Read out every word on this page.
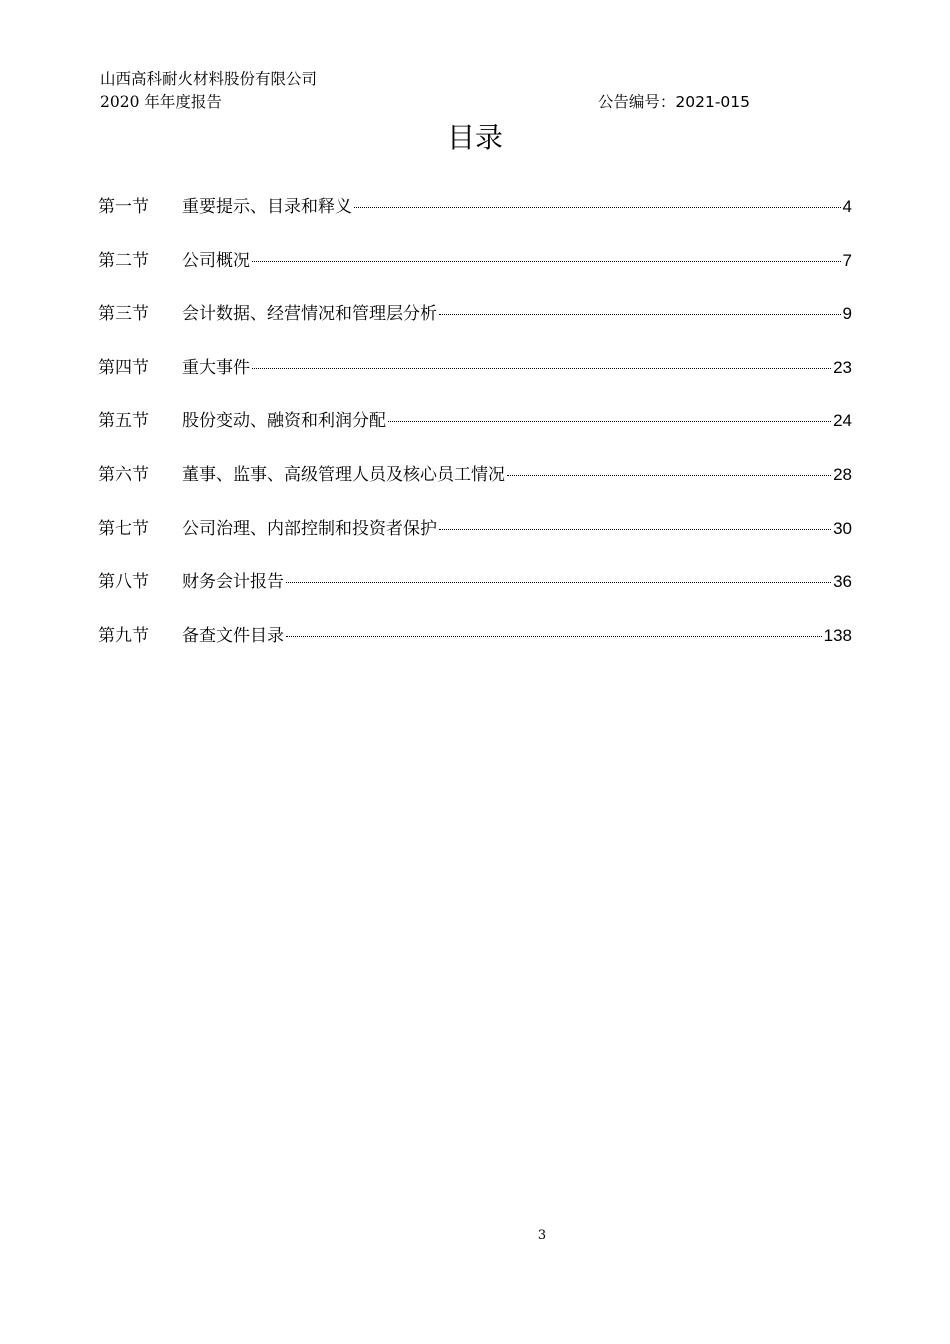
山西高科耐火材料股份有限公司
2020 年年度报告	公告编号：2021-015
目录
第一节	重要提示、目录和释义	4
第二节	公司概况	7
第三节	会计数据、经营情况和管理层分析	9
第四节	重大事件	23
第五节	股份变动、融资和利润分配	24
第六节	董事、监事、高级管理人员及核心员工情况	28
第七节	公司治理、内部控制和投资者保护	30
第八节	财务会计报告	36
第九节	备查文件目录	138
3
